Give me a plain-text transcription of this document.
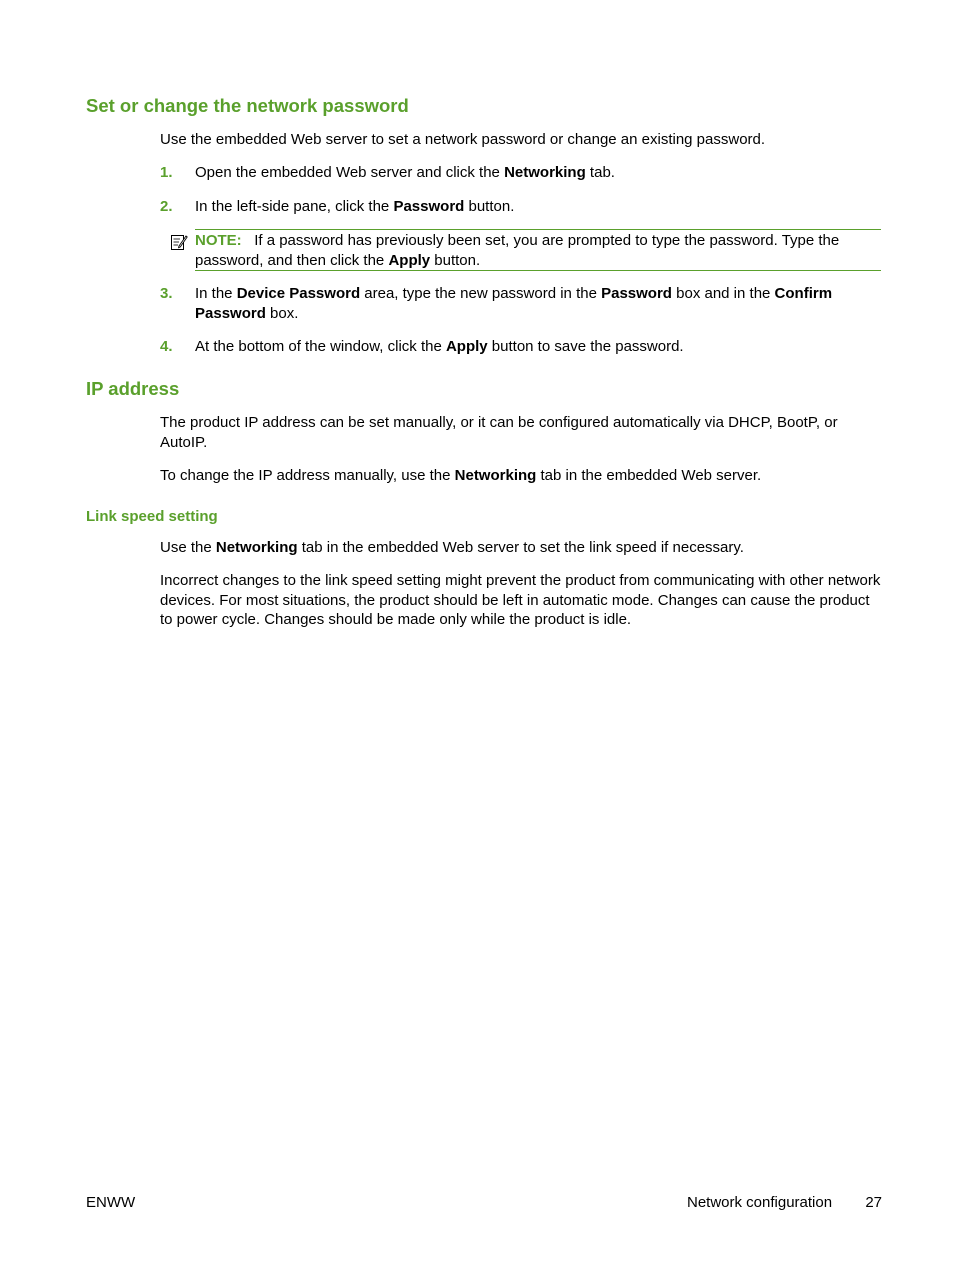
Set or change the network password
Use the embedded Web server to set a network password or change an existing password.
1. Open the embedded Web server and click the Networking tab.
2. In the left-side pane, click the Password button.
NOTE: If a password has previously been set, you are prompted to type the password. Type the password, and then click the Apply button.
3. In the Device Password area, type the new password in the Password box and in the Confirm Password box.
4. At the bottom of the window, click the Apply button to save the password.
IP address
The product IP address can be set manually, or it can be configured automatically via DHCP, BootP, or AutoIP.
To change the IP address manually, use the Networking tab in the embedded Web server.
Link speed setting
Use the Networking tab in the embedded Web server to set the link speed if necessary.
Incorrect changes to the link speed setting might prevent the product from communicating with other network devices. For most situations, the product should be left in automatic mode. Changes can cause the product to power cycle. Changes should be made only while the product is idle.
ENWW	Network configuration 27
